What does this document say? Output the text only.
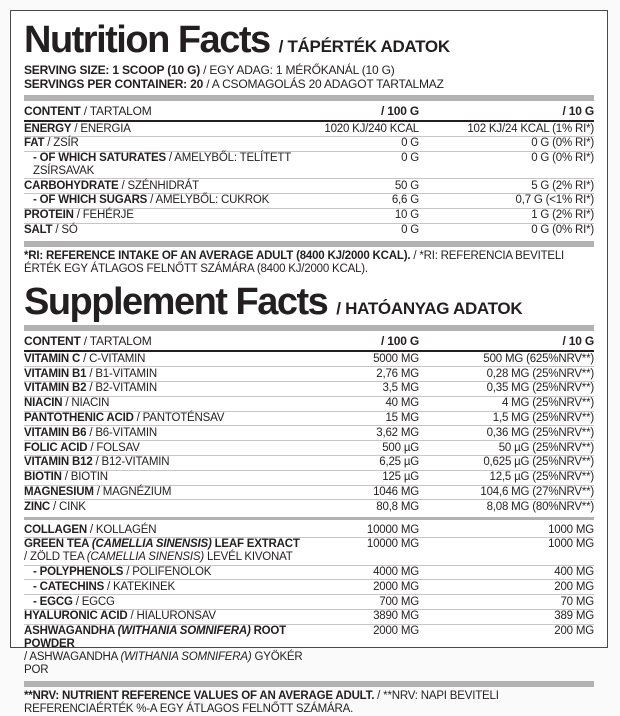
Nutrition Facts / TÁPÉRTÉK ADATOK
SERVING SIZE: 1 SCOOP (10 G) / EGY ADAG: 1 MÉRŐKANÁL (10 G)
SERVINGS PER CONTAINER: 20 / A CSOMAGOLÁS 20 ADAGOT TARTALMAZ
CONTENT / TARTALOM	/ 100 G	/ 10 G
ENERGY / ENERGIA	1020 KJ/240 KCAL	102 KJ/24 KCAL (1% RI*)
FAT / ZSÍR	0 G	0 G (0% RI*)
- OF WHICH SATURATES / AMELYBŐL: TELÍTETT ZSÍRSAVAK
0 G	0 G (0% RI*)
CARBOHYDRATE / SZÉNHIDRÁT	50 G	5 G (2% RI*)
- OF WHICH SUGARS / AMELYBŐL: CUKROK	6,6 G	0,7 G (<1% RI*)
PROTEIN / FEHÉRJE	10 G	1 G (2% RI*)
SALT / SÓ	0 G	0 G (0% RI*)
*RI: REFERENCE INTAKE OF AN AVERAGE ADULT (8400 KJ/2000 KCAL). / *RI: REFERENCIA BEVITELI ÉRTÉK EGY ÁTLAGOS FELNŐTT SZÁMÁRA (8400 KJ/2000 KCAL).
Supplement Facts / HATÓANYAG ADATOK
CONTENT / TARTALOM	/ 100 G	/ 10 G
VITAMIN C / C-VITAMIN	5000 MG	500 MG (625%NRV**)
VITAMIN B1 / B1-VITAMIN	2,76 MG	0,28 MG (25%NRV**)
VITAMIN B2 / B2-VITAMIN	3,5 MG	0,35 MG (25%NRV**)
NIACIN / NIACIN	40 MG	4 MG (25%NRV**)
PANTOTHENIC ACID / PANTOTÉNSAV	15 MG	1,5 MG (25%NRV**)
VITAMIN B6 / B6-VITAMIN	3,62 MG	0,36 MG (25%NRV**)
FOLIC ACID / FOLSAV	500 µG	50 µG (25%NRV**)
VITAMIN B12 / B12-VITAMIN	6,25 µG	0,625 µG (25%NRV**)
BIOTIN / BIOTIN	125 µG	12,5 µG (25%NRV**)
MAGNESIUM / MAGNÉZIUM	1046 MG	104,6 MG (27%NRV**)
ZINC / CINK	80,8 MG	8,08 MG (80%NRV**)
COLLAGEN / KOLLAGÉN	10000 MG	1000 MG
GREEN TEA (CAMELLIA SINENSIS) LEAF EXTRACT
/ ZÖLD TEA (CAMELLIA SINENSIS) LEVÉL KIVONAT
10000 MG	1000 MG
- POLYPHENOLS / POLIFENOLOK	4000 MG	400 MG
- CATECHINS / KATEKINEK	2000 MG	200 MG
- EGCG / EGCG	700 MG	70 MG
HYALURONIC ACID / HIALURONSAV	3890 MG	389 MG
ASHWAGANDHA (WITHANIA SOMNIFERA) ROOT POWDER
/ ASHWAGANDHA (WITHANIA SOMNIFERA) GYÖKÉR POR
2000 MG	200 MG
**NRV: NUTRIENT REFERENCE VALUES OF AN AVERAGE ADULT. / **NRV: NAPI BEVITELI REFERENCIAÉRTÉK %-A EGY ÁTLAGOS FELNŐTT SZÁMÁRA.
